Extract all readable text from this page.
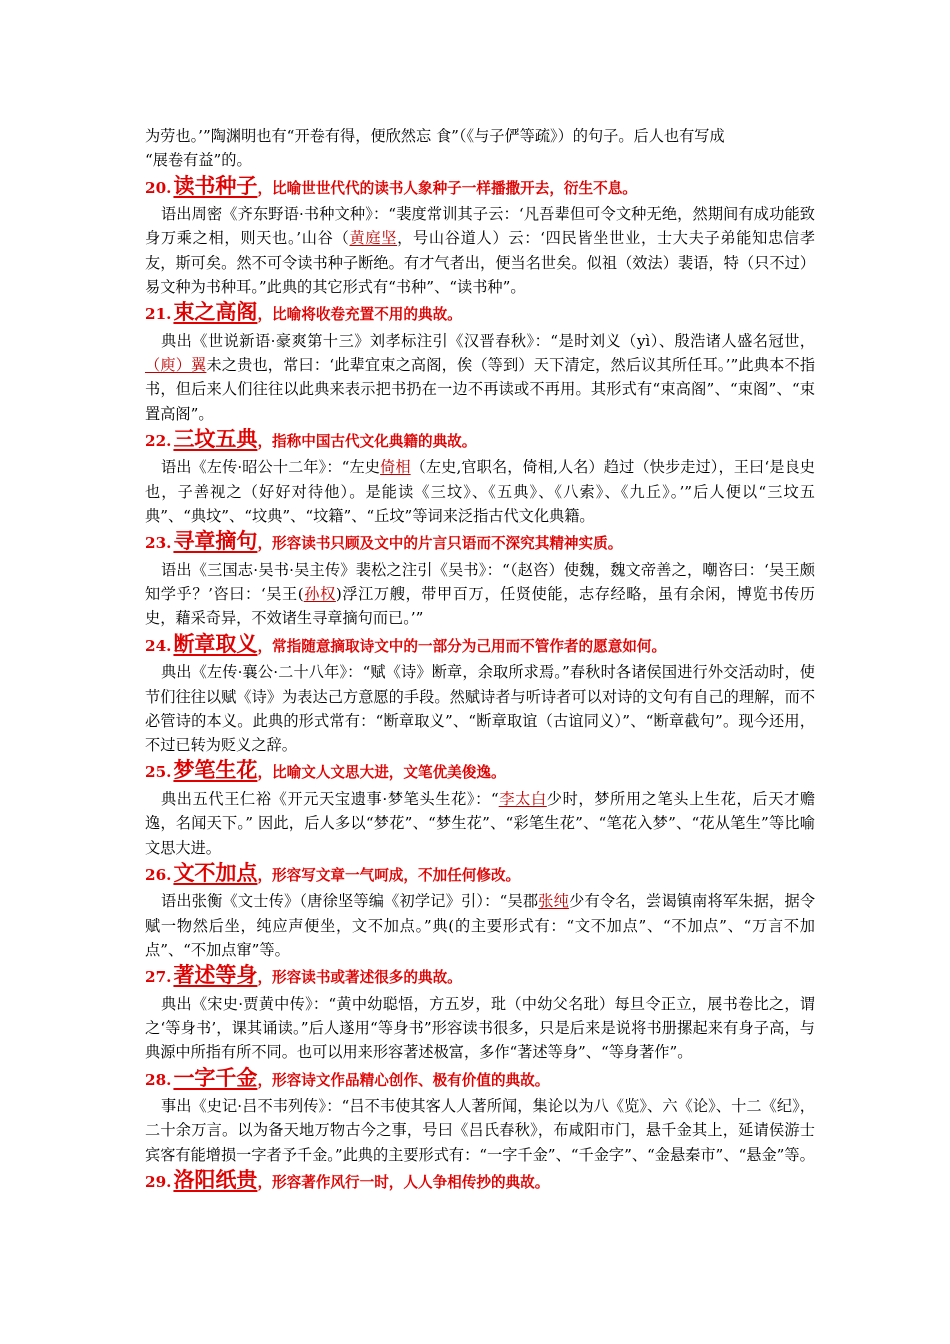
为劳也。’”陶渊明也有“开卷有得，便欣然忘 食”（《与子俨等疏》）的句子。后人也有写成
“展卷有益”的。

20.读书种子，比喻世世代代的读书人象种子一样播撒开去，衍生不息。

语出周密《齐东野语·书种文种》：“裴度常训其子云：‘凡吾辈但可令文种无绝，然期间有成功能致身万乘之相，则天也。’山谷（黄庭坚，号山谷道人）云：‘四民皆坐世业，士大夫子弟能知忠信孝友，斯可矣。然不可令读书种子断绝。有才气者出，便当名世矣。似祖（效法）裴语，特（只不过）易文种为书种耳。”此典的其它形式有“书种”、“读书种”。

21.束之高阁，比喻将收卷充置不用的典故。

典出《世说新语·豪爽第十三》刘孝标注引《汉晋春秋》：“是时刘义（yì）、殷浩诸人盛名冠世，（庾）翼未之贵也，常曰：‘此辈宜束之高阁，俟（等到）天下清定，然后议其所任耳。’”此典本不指书，但后来人们往往以此典来表示把书扔在一边不再读或不再用。其形式有“束高阁”、“束阁”、“束置高阁”。

22.三坟五典，指称中国古代文化典籍的典故。

语出《左传·昭公十二年》：“左史倚相（左史,官职名，倚相,人名）趋过（快步走过），王曰‘是良史也，子善视之（好好对待他）。是能读《三坟》、《五典》、《八索》、《九丘》。’”后人便以“三坟五典”、“典坟”、“坟典”、“坟籍”、“丘坟”等词来泛指古代文化典籍。

23.寻章摘句，形容读书只顾及文中的片言只语而不深究其精神实质。

语出《三国志·吴书·吴主传》裴松之注引《吴书》：“（赵咨）使魏，魏文帝善之，嘲咨曰：‘吴王颇知学乎？’咨曰：‘吴王(孙权)浮江万艘，带甲百万，任贤使能，志存经略，虽有余闲，博览书传历史，藉采奇异，不效诸生寻章摘句而已。’”

24.断章取义，常指随意摘取诗文中的一部分为己用而不管作者的愿意如何。

典出《左传·襄公·二十八年》：“赋《诗》断章，余取所求焉。”春秋时各诸侯国进行外交活动时，使节们往往以赋《诗》为表达己方意愿的手段。然赋诗者与听诗者可以对诗的文句有自己的理解，而不必管诗的本义。此典的形式常有：“断章取义”、“断章取谊（古谊同义）”、“断章截句”。现今还用，不过已转为贬义之辞。

25.梦笔生花，比喻文人文思大进，文笔优美俊逸。

典出五代王仁裕《开元天宝遗事·梦笔头生花》：“李太白少时，梦所用之笔头上生花，后天才赡逸，名闻天下。” 因此，后人多以“梦花”、“梦生花”、“彩笔生花”、“笔花入梦”、“花从笔生”等比喻文思大进。

26.文不加点，形容写文章一气呵成，不加任何修改。

语出张衡《文士传》（唐徐坚等编《初学记》引）：“吴郡张纯少有令名，尝谒镇南将军朱据，据令赋一物然后坐，纯应声便坐，文不加点。”典(的主要形式有：“文不加点”、“不加点”、“万言不加点”、“不加点窜”等。

27.著述等身，形容读书或著述很多的典故。

典出《宋史·贾黄中传》：“黄中幼聪悟，方五岁，玭（中幼父名玭）每旦令正立，展书卷比之，谓之‘等身书’，课其诵读。”后人遂用“等身书”形容读书很多，只是后来是说将书册摞起来有身子高，与典源中所指有所不同。也可以用来形容著述极富，多作“著述等身”、“等身著作”。

28.一字千金，形容诗文作品精心创作、极有价值的典故。

事出《史记·吕不韦列传》：“吕不韦使其客人人著所闻，集论以为八《览》、六《论》、十二《纪》，二十余万言。以为备天地万物古今之事，号曰《吕氏春秋》，布咸阳市门，悬千金其上，延请侯游士宾客有能增损一字者予千金。”此典的主要形式有：“一字千金”、“千金字”、“金悬秦市”、“悬金”等。

29.洛阳纸贵，形容著作风行一时，人人争相传抄的典故。
